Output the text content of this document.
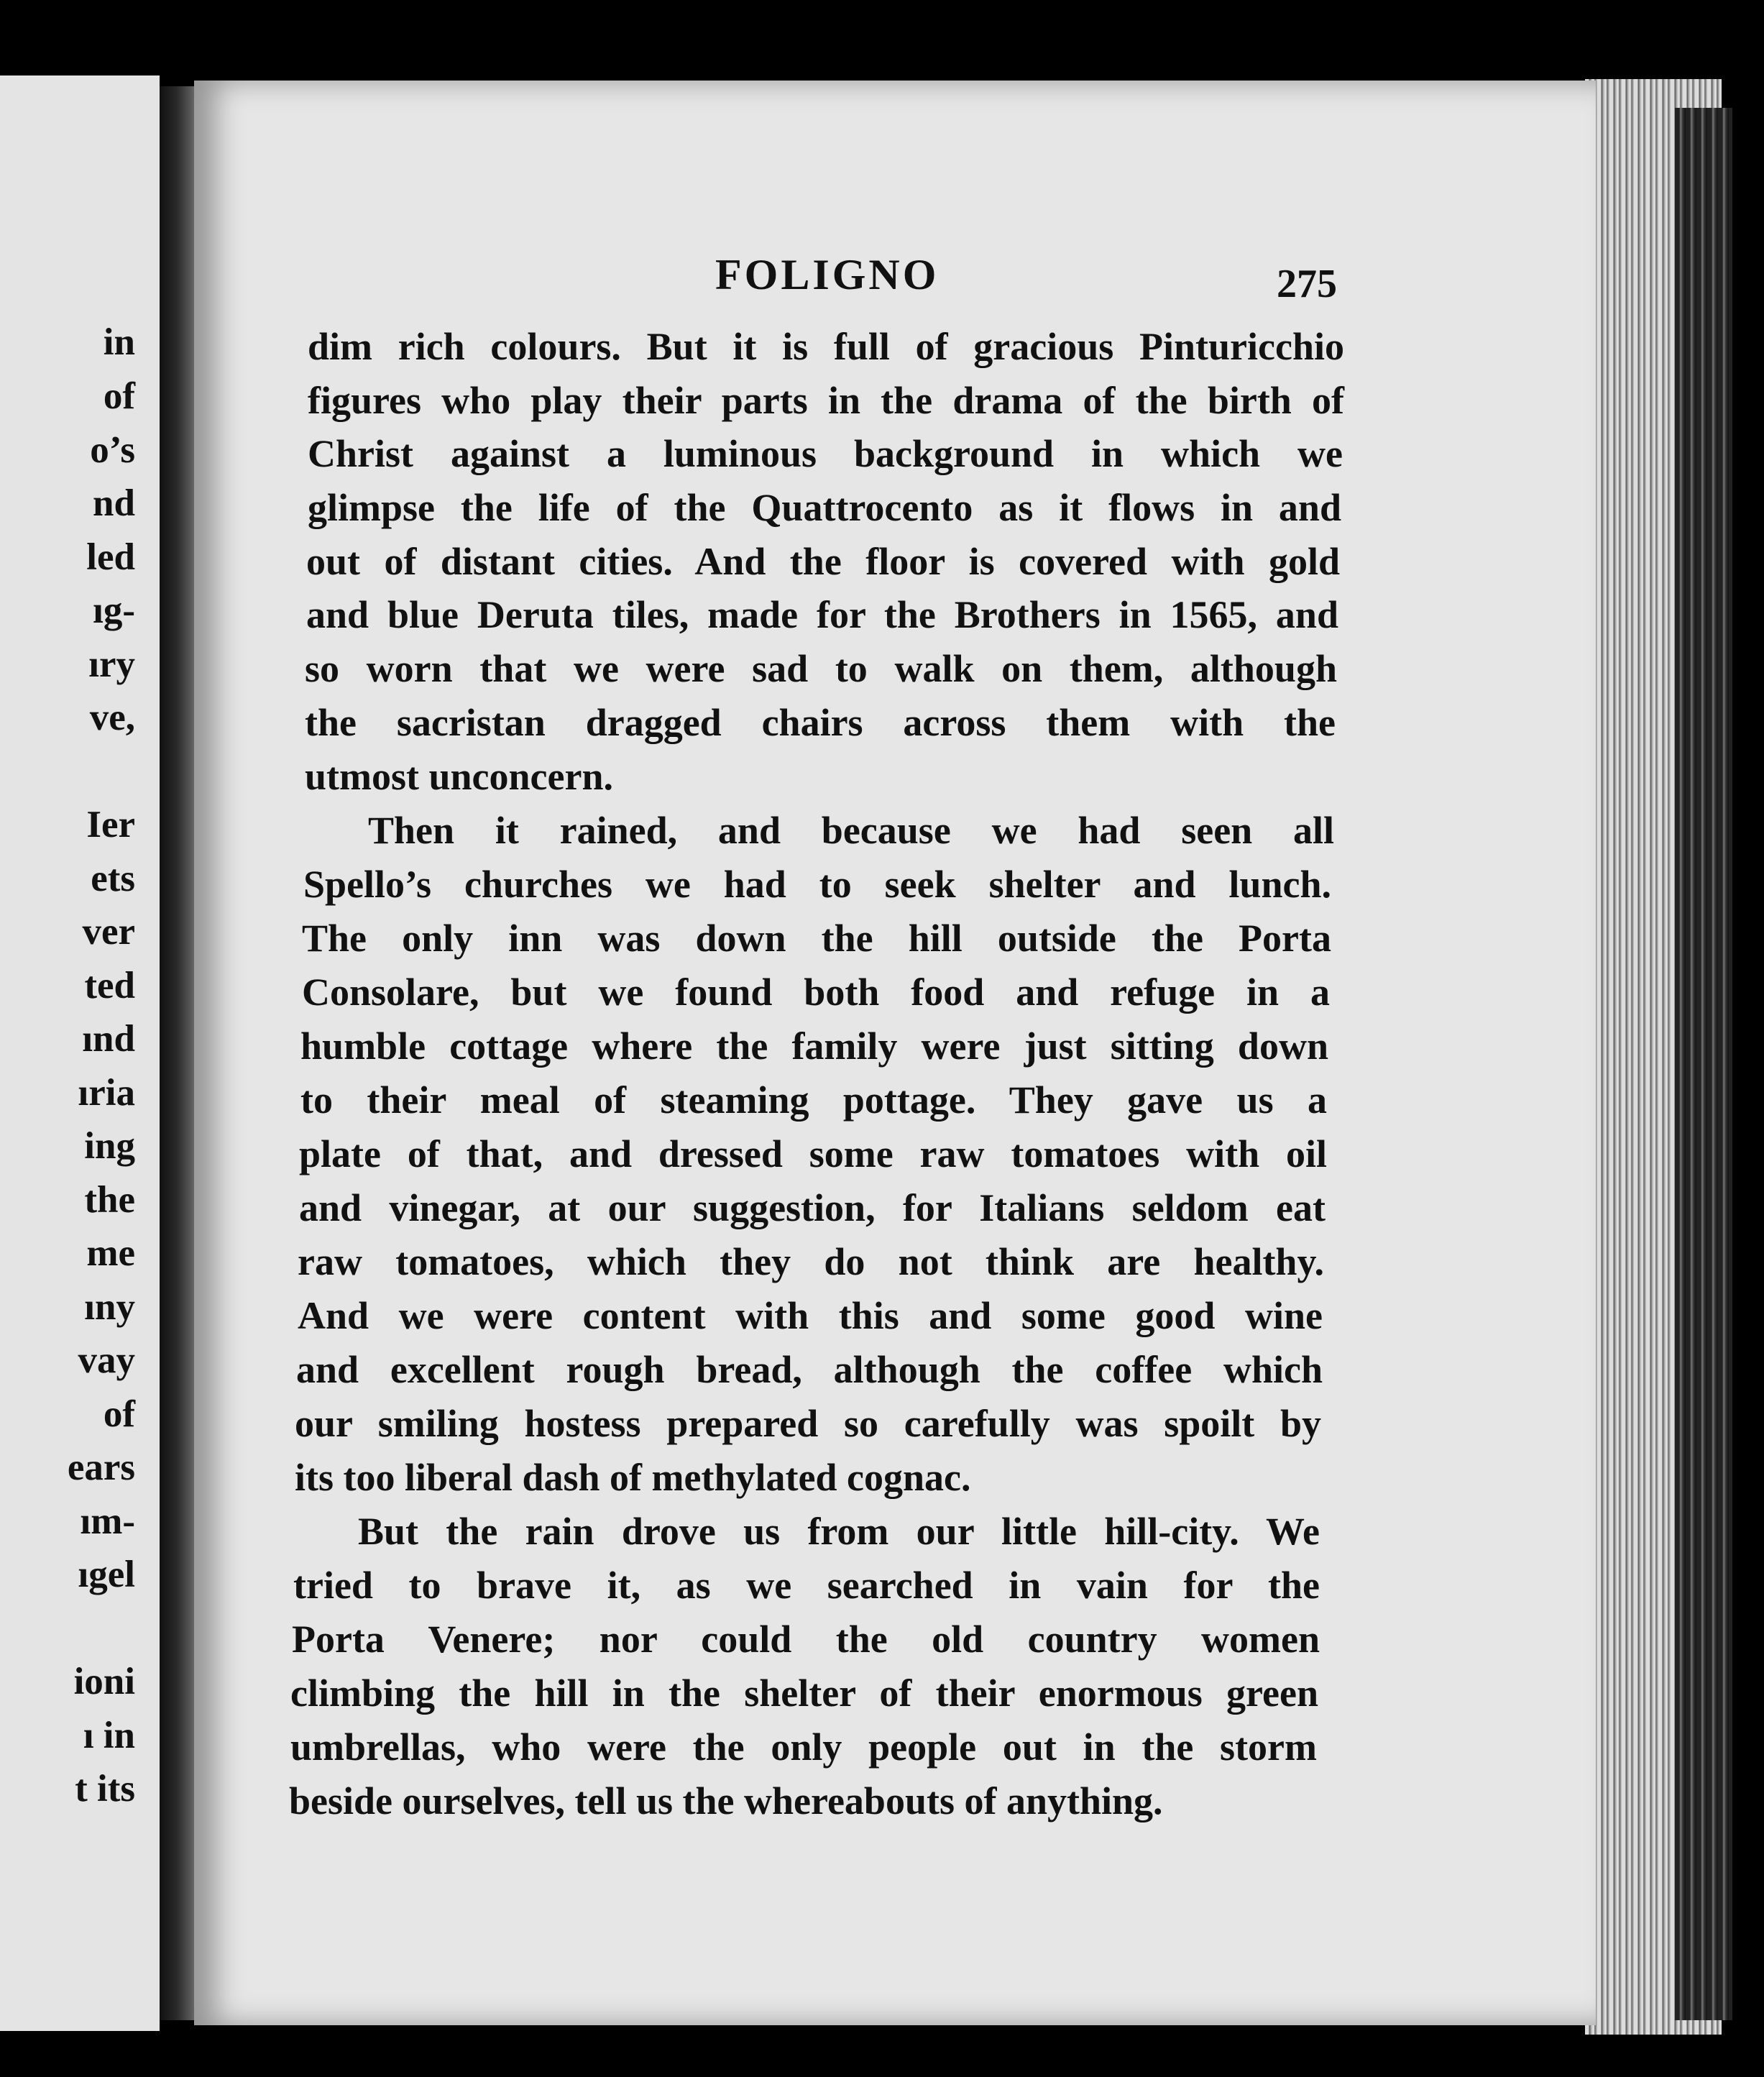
in
of
o’s
nd
led
ıg-
ıry
ve,
Ier
ets
ver
ted
ınd
ıria
ing
the
me
ıny
vay
of
ears
ım-
ıgel
ioni
ı in
t its
FOLIGNO	275
dim rich colours. But it is full of gracious Pinturicchio
figures who play their parts in the drama of the birth of
Christ against a luminous background in which we
glimpse the life of the Quattrocento as it flows in and
out of distant cities. And the floor is covered with gold
and blue Deruta tiles, made for the Brothers in 1565, and
so worn that we were sad to walk on them, although
the sacristan dragged chairs across them with the
utmost unconcern.
Then it rained, and because we had seen all
Spello’s churches we had to seek shelter and lunch.
The only inn was down the hill outside the Porta
Consolare, but we found both food and refuge in a
humble cottage where the family were just sitting down
to their meal of steaming pottage. They gave us a
plate of that, and dressed some raw tomatoes with oil
and vinegar, at our suggestion, for Italians seldom eat
raw tomatoes, which they do not think are healthy.
And we were content with this and some good wine
and excellent rough bread, although the coffee which
our smiling hostess prepared so carefully was spoilt by
its too liberal dash of methylated cognac.
But the rain drove us from our little hill-city. We
tried to brave it, as we searched in vain for the
Porta Venere; nor could the old country women
climbing the hill in the shelter of their enormous green
umbrellas, who were the only people out in the storm
beside ourselves, tell us the whereabouts of anything.
